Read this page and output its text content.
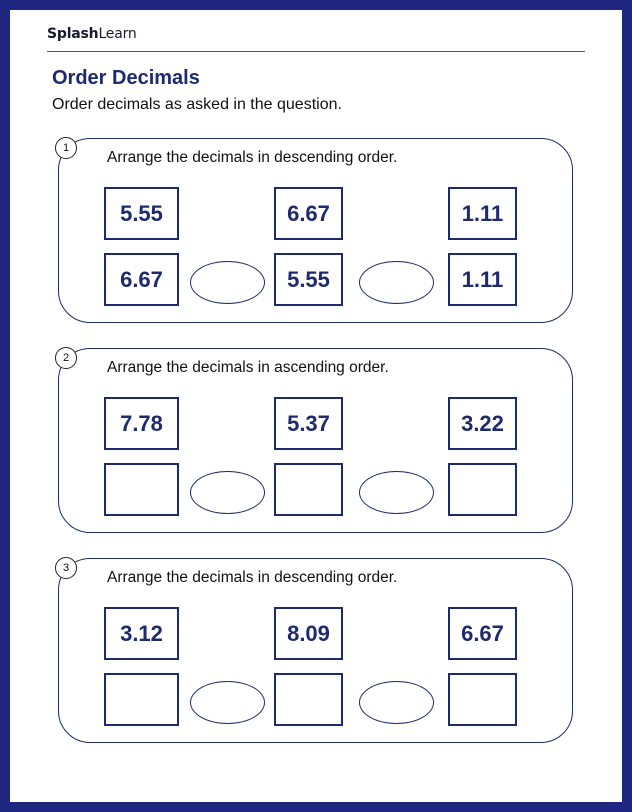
SplashLearn
Order Decimals
Order decimals as asked in the question.
1
Arrange the decimals in descending order.
5.55	6.67	1.11
6.67	5.55	1.11
2
Arrange the decimals in ascending order.
7.78	5.37	3.22
3
Arrange the decimals in descending order.
3.12	8.09	6.67
